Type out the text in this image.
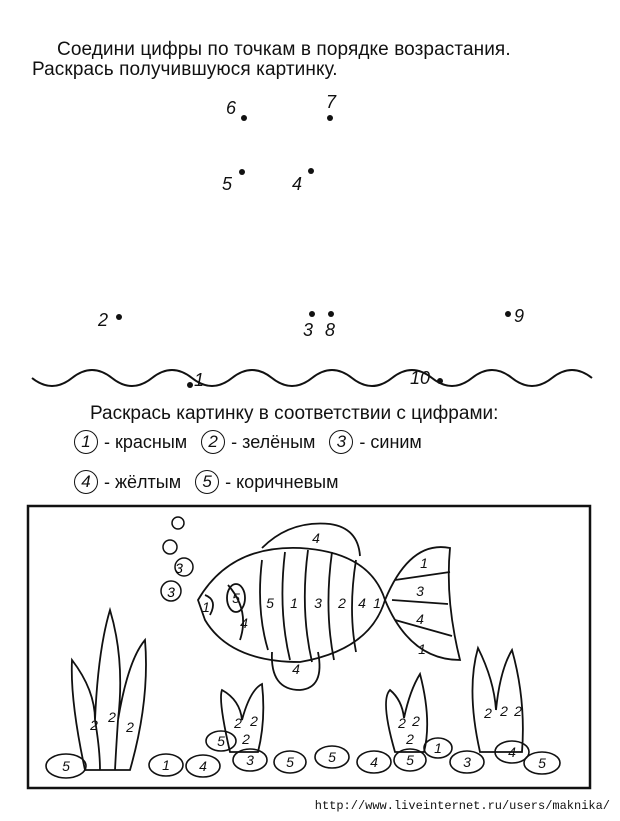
Соедини цифры по точкам в порядке возрастания.
Раскрась получившуюся картинку.
6	7
5	4
2	3 8
9
1	10
Раскрась картинку в соответствии с цифрами:
1 - красным	2 - зелёным	3 - синим
4 - жёлтым	5 - коричневым
3
3
4
1
3
4
1
5
1
4
5 1 3 2 4 1
4
2 2
2	2 2
2
2 2
2
2 2 2
5	1 4	3
5
5 5 4 5
1
3
4
5
http://www.liveinternet.ru/users/maknika/
